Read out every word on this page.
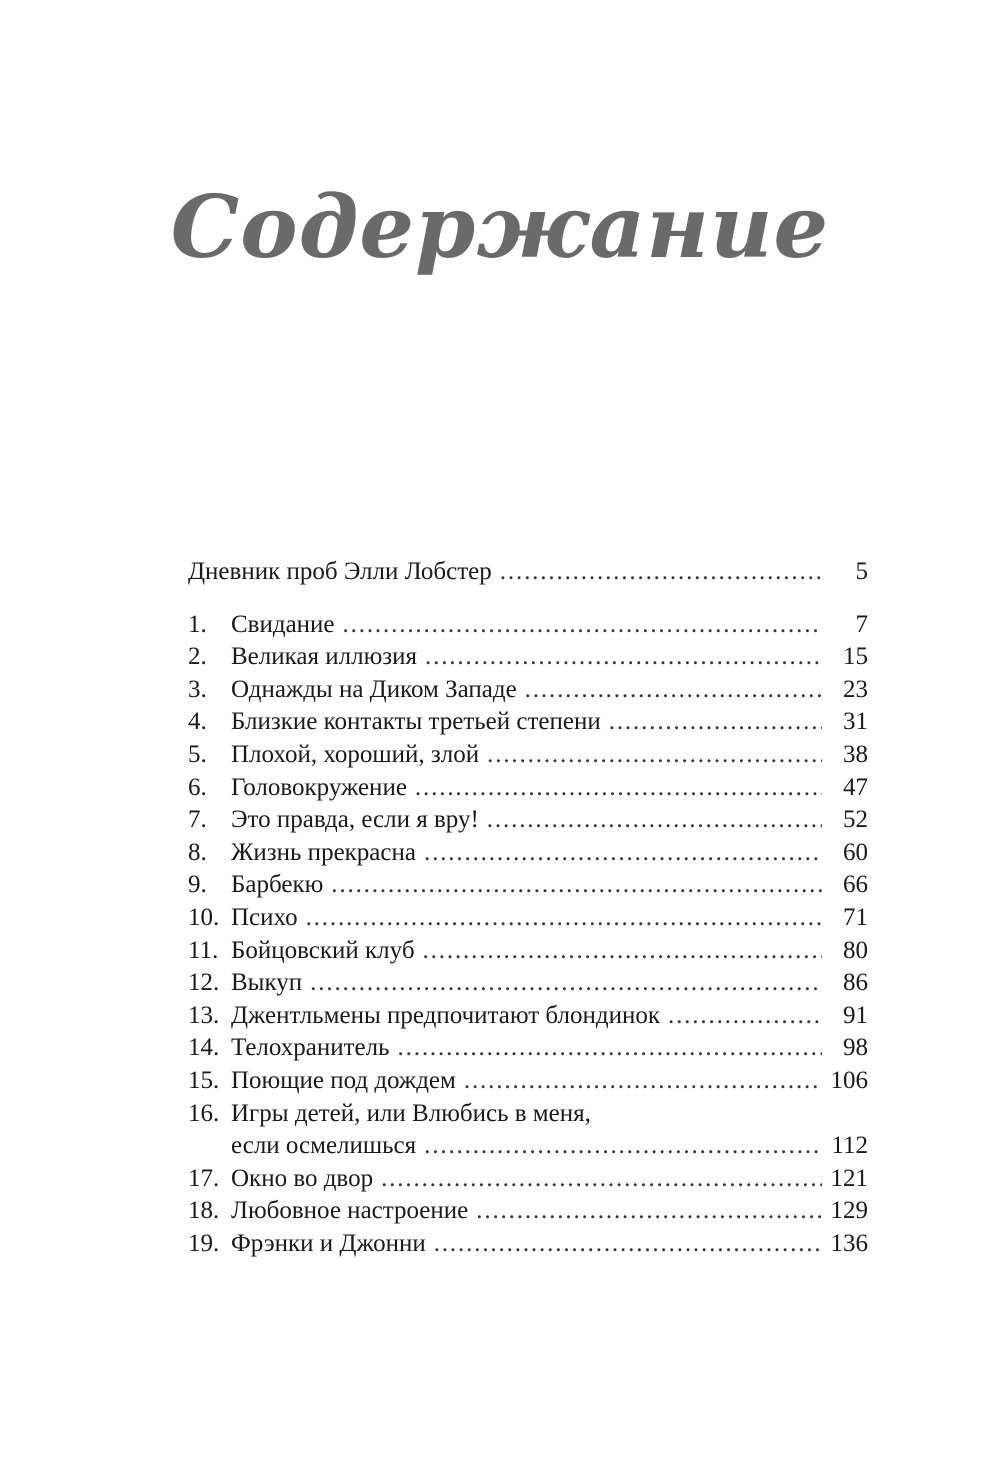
Содержание
Дневник проб Элли Лобстер . . .	5
1. Свидание . . .	7
2. Великая иллюзия . . .	15
3. Однажды на Диком Западе . . .	23
4. Близкие контакты третьей степени . . .	31
5. Плохой, хороший, злой . . .	38
6. Головокружение . . .	47
7. Это правда, если я вру! . . .	52
8. Жизнь прекрасна . . .	60
9. Барбекю . . .	66
10. Психо . . .	71
11. Бойцовский клуб . . .	80
12. Выкуп . . .	86
13. Джентльмены предпочитают блондинок . . .	91
14. Телохранитель . . .	98
15. Поющие под дождем . . .	106
16. Игры детей, или Влюбись в меня,
если осмелишься . . .	112
17. Окно во двор . . .	121
18. Любовное настроение . . .	129
19. Фрэнки и Джонни . . .	136
